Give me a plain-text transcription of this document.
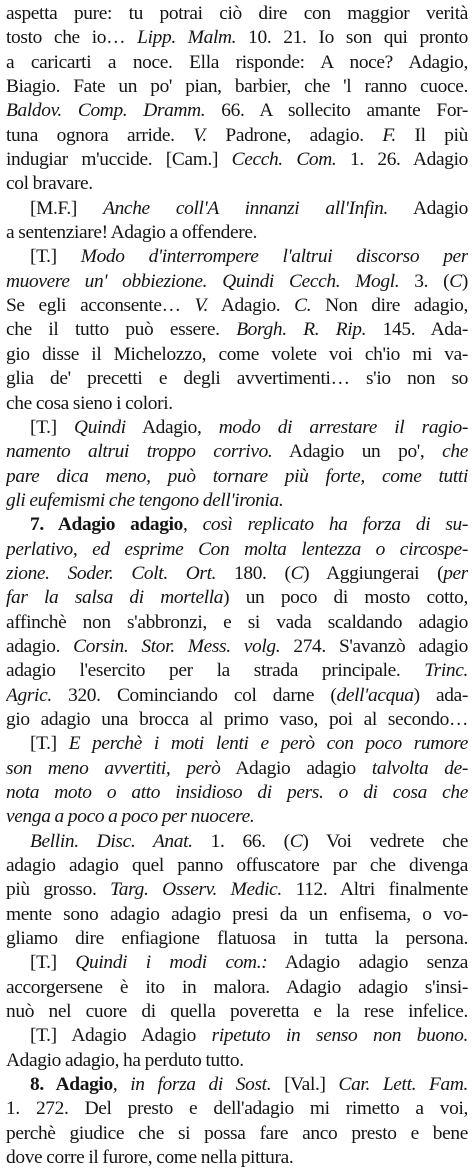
aspetta pure: tu potrai ciò dire con maggior verità
tosto che io… Lipp. Malm. 10. 21. Io son qui pronto
a caricarti a noce. Ella risponde: A noce? Adagio,
Biagio. Fate un po' pian, barbier, che 'l ranno cuoce.
Baldov. Comp. Dramm. 66. A sollecito amante For-
tuna ognora arride. V. Padrone, adagio. F. Il più
indugiar m'uccide. [Cam.] Cecch. Com. 1. 26. Adagio
col bravare.
[M.F.] Anche coll'A innanzi all'Infin. Adagio
a sentenziare! Adagio a offendere.
[T.] Modo d'interrompere l'altrui discorso per
muovere un' obbiezione. Quindi Cecch. Mogl. 3. (C)
Se egli acconsente… V. Adagio. C. Non dire adagio,
che il tutto può essere. Borgh. R. Rip. 145. Ada-
gio disse il Michelozzo, come volete voi ch'io mi va-
glia de' precetti e degli avvertimenti… s'io non so
che cosa sieno i colori.
[T.] Quindi Adagio, modo di arrestare il ragio-
namento altrui troppo corrivo. Adagio un po', che
pare dica meno, può tornare più forte, come tutti
gli eufemismi che tengono dell'ironia.
7. Adagio adagio, così replicato ha forza di su-
perlativo, ed esprime Con molta lentezza o circospe-
zione. Soder. Colt. Ort. 180. (C) Aggiungerai (per
far la salsa di mortella) un poco di mosto cotto,
affinchè non s'abbronzi, e si vada scaldando adagio
adagio. Corsin. Stor. Mess. volg. 274. S'avanzò adagio
adagio l'esercito per la strada principale. Trinc.
Agric. 320. Cominciando col darne (dell'acqua) ada-
gio adagio una brocca al primo vaso, poi al secondo…
[T.] E perchè i moti lenti e però con poco rumore
son meno avvertiti, però Adagio adagio talvolta de-
nota moto o atto insidioso di pers. o di cosa che
venga a poco a poco per nuocere.
Bellin. Disc. Anat. 1. 66. (C) Voi vedrete che
adagio adagio quel panno offuscatore par che divenga
più grosso. Targ. Osserv. Medic. 112. Altri finalmente
mente sono adagio adagio presi da un enfisema, o vo-
gliamo dire enfiagione flatuosa in tutta la persona.
[T.] Quindi i modi com.: Adagio adagio senza
accorgersene è ito in malora. Adagio adagio s'insi-
nuò nel cuore di quella poveretta e la rese infelice.
[T.] Adagio Adagio ripetuto in senso non buono.
Adagio adagio, ha perduto tutto.
8. Adagio, in forza di Sost. [Val.] Car. Lett. Fam.
1. 272. Del presto e dell'adagio mi rimetto a voi,
perchè giudice che si possa fare anco presto e bene
dove corre il furore, come nella pittura.
